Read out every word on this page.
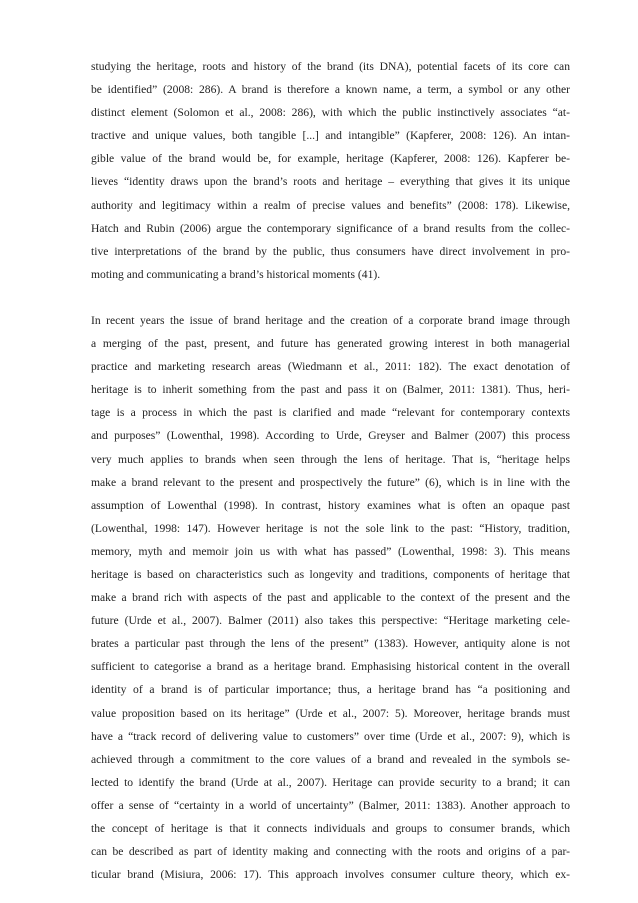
studying the heritage, roots and history of the brand (its DNA), potential facets of its core can
be identified” (2008: 286). A brand is therefore a known name, a term, a symbol or any other
distinct element (Solomon et al., 2008: 286), with which the public instinctively associates “at-
tractive and unique values, both tangible [...] and intangible” (Kapferer, 2008: 126). An intan-
gible value of the brand would be, for example, heritage (Kapferer, 2008: 126). Kapferer be-
lieves “identity draws upon the brand’s roots and heritage – everything that gives it its unique
authority and legitimacy within a realm of precise values and benefits” (2008: 178). Likewise,
Hatch and Rubin (2006) argue the contemporary significance of a brand results from the collec-
tive interpretations of the brand by the public, thus consumers have direct involvement in pro-
moting and communicating a brand’s historical moments (41).
In recent years the issue of brand heritage and the creation of a corporate brand image through
a merging of the past, present, and future has generated growing interest in both managerial
practice and marketing research areas (Wiedmann et al., 2011: 182). The exact denotation of
heritage is to inherit something from the past and pass it on (Balmer, 2011: 1381). Thus, heri-
tage is a process in which the past is clarified and made “relevant for contemporary contexts
and purposes” (Lowenthal, 1998). According to Urde, Greyser and Balmer (2007) this process
very much applies to brands when seen through the lens of heritage. That is, “heritage helps
make a brand relevant to the present and prospectively the future” (6), which is in line with the
assumption of Lowenthal (1998). In contrast, history examines what is often an opaque past
(Lowenthal, 1998: 147). However heritage is not the sole link to the past: “History, tradition,
memory, myth and memoir join us with what has passed” (Lowenthal, 1998: 3). This means
heritage is based on characteristics such as longevity and traditions, components of heritage that
make a brand rich with aspects of the past and applicable to the context of the present and the
future (Urde et al., 2007). Balmer (2011) also takes this perspective: “Heritage marketing cele-
brates a particular past through the lens of the present” (1383). However, antiquity alone is not
sufficient to categorise a brand as a heritage brand. Emphasising historical content in the overall
identity of a brand is of particular importance; thus, a heritage brand has “a positioning and
value proposition based on its heritage” (Urde et al., 2007: 5). Moreover, heritage brands must
have a “track record of delivering value to customers” over time (Urde et al., 2007: 9), which is
achieved through a commitment to the core values of a brand and revealed in the symbols se-
lected to identify the brand (Urde at al., 2007). Heritage can provide security to a brand; it can
offer a sense of “certainty in a world of uncertainty” (Balmer, 2011: 1383). Another approach to
the concept of heritage is that it connects individuals and groups to consumer brands, which
can be described as part of identity making and connecting with the roots and origins of a par-
ticular brand (Misiura, 2006: 17). This approach involves consumer culture theory, which ex-
